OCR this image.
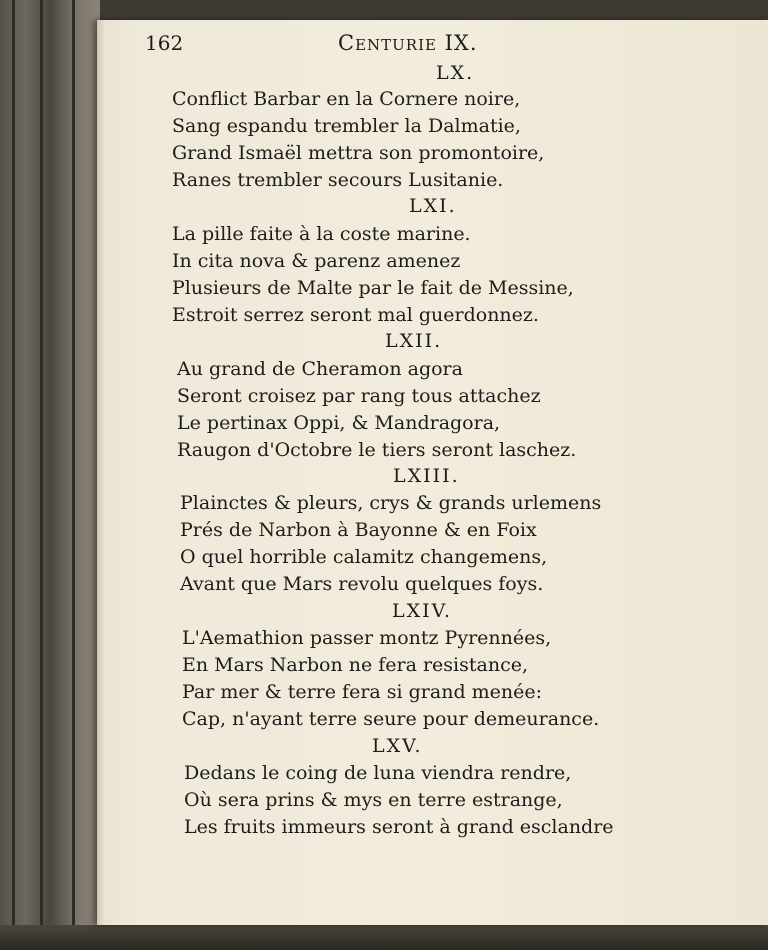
162	Centurie IX.
LX.
Conflict Barbar en la Cornere noire,
Sang espandu trembler la Dalmatie,
Grand Ismaël mettra son promontoire,
Ranes trembler secours Lusitanie.
LXI.
La pille faite à la coste marine.
In cita nova & parenz amenez
Plusieurs de Malte par le fait de Messine,
Estroit serrez seront mal guerdonnez.
LXII.
Au grand de Cheramon agora
Seront croisez par rang tous attachez
Le pertinax Oppi, & Mandragora,
Raugon d'Octobre le tiers seront laschez.
LXIII.
Plainctes & pleurs, crys & grands urlemens
Prés de Narbon à Bayonne & en Foix
O quel horrible calamitz changemens,
Avant que Mars revolu quelques foys.
LXIV.
L'Aemathion passer montz Pyrennées,
En Mars Narbon ne fera resistance,
Par mer & terre fera si grand menée:
Cap, n'ayant terre seure pour demeurance.
LXV.
Dedans le coing de luna viendra rendre,
Où sera prins & mys en terre estrange,
Les fruits immeurs seront à grand esclandre
